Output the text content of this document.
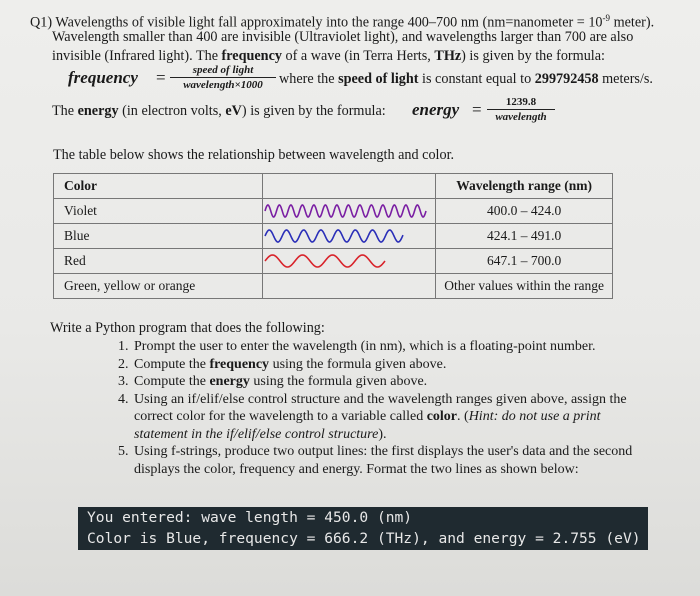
Q1) Wavelengths of visible light fall approximately into the range 400–700 nm (nm=nanometer = $10^{-9}$ meter).

Wavelength smaller than 400 are invisible (Ultraviolet light), and wavelengths larger than 700 are also

invisible (Infrared light). The frequency of a wave (in Terra Herts, THz) is given by the formula:

frequency =	speed of light
wavelength×1000	where the speed of light is constant equal to 299792458 meters/s.

The energy (in electron volts, eV) is given by the formula: energy =	1239.8
wavelength

The table below shows the relationship between wavelength and color.

Color		Wavelength range (nm)
Violet		400.0 – 424.0
Blue		424.1 – 491.0
Red		647.1 – 700.0
Green, yellow or orange		Other values within the range

Write a Python program that does the following:

1. Prompt the user to enter the wavelength (in nm), which is a floating-point number.
2. Compute the frequency using the formula given above.
3. Compute the energy using the formula given above.
4. Using an if/elif/else control structure and the wavelength ranges given above, assign the
correct color for the wavelength to a variable called color. (Hint: do not use a print
statement in the if/elif/else control structure).
5. Using f-strings, produce two output lines: the first displays the user's data and the second
displays the color, frequency and energy. Format the two lines as shown below:
You entered: wave length = 450.0 (nm)
Color is Blue, frequency = 666.2 (THz), and energy = 2.755 (eV)
